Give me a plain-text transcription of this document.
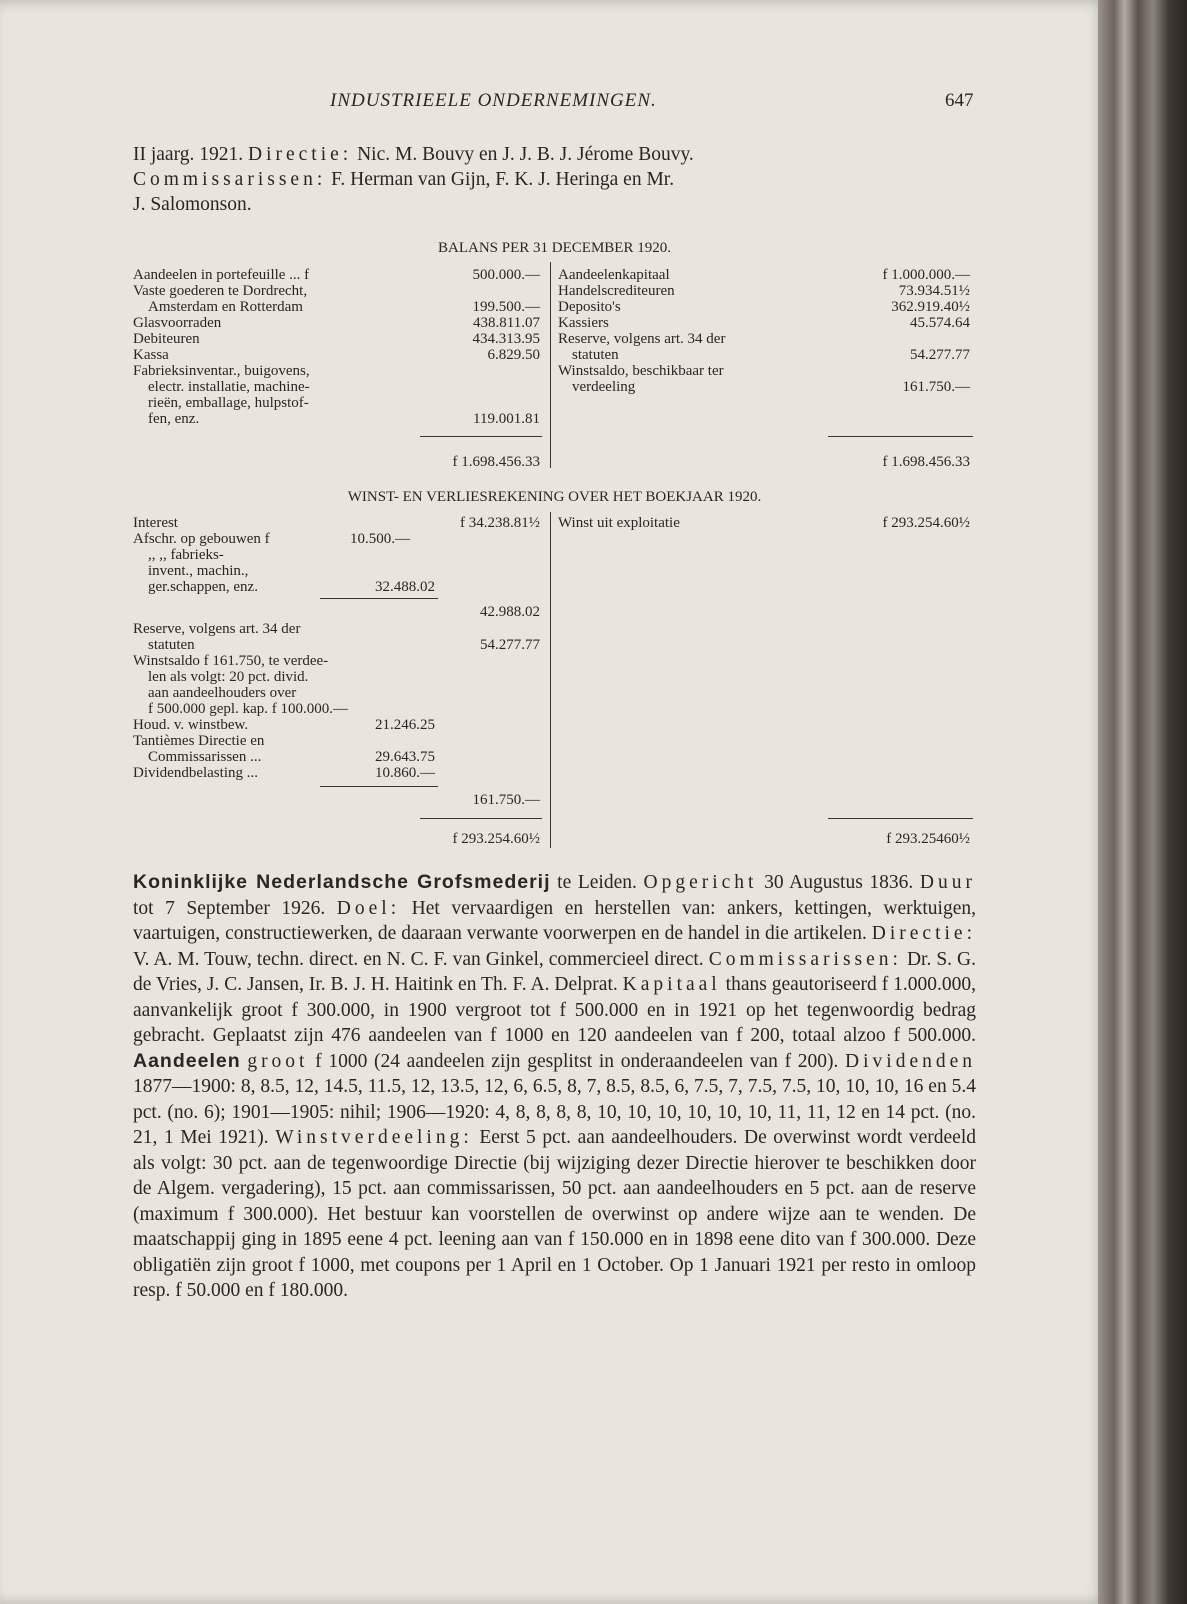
INDUSTRIEELE ONDERNEMINGEN.	647
II jaarg. 1921. Directie: Nic. M. Bouvy en J. J. B. J. Jérome Bouvy.
Commissarissen: F. Herman van Gijn, F. K. J. Heringa en Mr.
J. Salomonson.
BALANS PER 31 DECEMBER 1920.
Aandeelen in portefeuille ... f	500.000.—
Vaste goederen te Dordrecht,
Amsterdam en Rotterdam	199.500.—
Glasvoorraden	438.811.07
Debiteuren	434.313.95
Kassa	6.829.50
Fabrieksinventar., buigovens,
electr. installatie, machine-
rieën, emballage, hulpstof-
fen, enz.	119.001.81
f 1.698.456.33
Aandeelenkapitaal	f 1.000.000.—
Handelscrediteuren	73.934.51½
Deposito's	362.919.40½
Kassiers	45.574.64
Reserve, volgens art. 34 der
statuten	54.277.77
Winstsaldo, beschikbaar ter
verdeeling	161.750.—
f 1.698.456.33
WINST- EN VERLIESREKENING OVER HET BOEKJAAR 1920.
Interest	f 34.238.81½
Afschr. op gebouwen f	10.500.—
,, ,, fabrieks-
invent., machin.,
ger.schappen, enz.	32.488.02
42.988.02
Reserve, volgens art. 34 der
statuten	54.277.77
Winstsaldo f 161.750, te verdee-
len als volgt: 20 pct. divid.
aan aandeelhouders over
f 500.000 gepl. kap. f 100.000.—
Houd. v. winstbew.	21.246.25
Tantièmes Directie en
Commissarissen ...	29.643.75
Dividendbelasting ...	10.860.—
161.750.—
f 293.254.60½
Winst uit exploitatie	f 293.254.60½
f 293.25460½
Koninklijke Nederlandsche Grofsmederij te Leiden. Opgericht 30 Augustus 1836. Duur tot 7 September 1926. Doel: Het vervaardigen en herstellen van: ankers, kettingen, werktuigen, vaartuigen, constructiewerken, de daaraan verwante voorwerpen en de handel in die artikelen. Directie: V. A. M. Touw, techn. direct. en N. C. F. van Ginkel, commercieel direct. Commissarissen: Dr. S. G. de Vries, J. C. Jansen, Ir. B. J. H. Haitink en Th. F. A. Delprat. Kapitaal thans geautoriseerd f 1.000.000, aanvankelijk groot f 300.000, in 1900 vergroot tot f 500.000 en in 1921 op het tegenwoordig bedrag gebracht. Geplaatst zijn 476 aandeelen van f 1000 en 120 aandeelen van f 200, totaal alzoo f 500.000. Aandeelen groot f 1000 (24 aandeelen zijn gesplitst in onderaandeelen van f 200). Dividenden 1877—1900: 8, 8.5, 12, 14.5, 11.5, 12, 13.5, 12, 6, 6.5, 8, 7, 8.5, 8.5, 6, 7.5, 7, 7.5, 7.5, 10, 10, 10, 16 en 5.4 pct. (no. 6); 1901—1905: nihil; 1906—1920: 4, 8, 8, 8, 8, 10, 10, 10, 10, 10, 10, 11, 11, 12 en 14 pct. (no. 21, 1 Mei 1921). Winstverdeeling: Eerst 5 pct. aan aandeelhouders. De overwinst wordt verdeeld als volgt: 30 pct. aan de tegenwoordige Directie (bij wijziging dezer Directie hierover te beschikken door de Algem. vergadering), 15 pct. aan commissarissen, 50 pct. aan aandeelhouders en 5 pct. aan de reserve (maximum f 300.000). Het bestuur kan voorstellen de overwinst op andere wijze aan te wenden. De maatschappij ging in 1895 eene 4 pct. leening aan van f 150.000 en in 1898 eene dito van f 300.000. Deze obligatiën zijn groot f 1000, met coupons per 1 April en 1 October. Op 1 Januari 1921 per resto in omloop resp. f 50.000 en f 180.000.
